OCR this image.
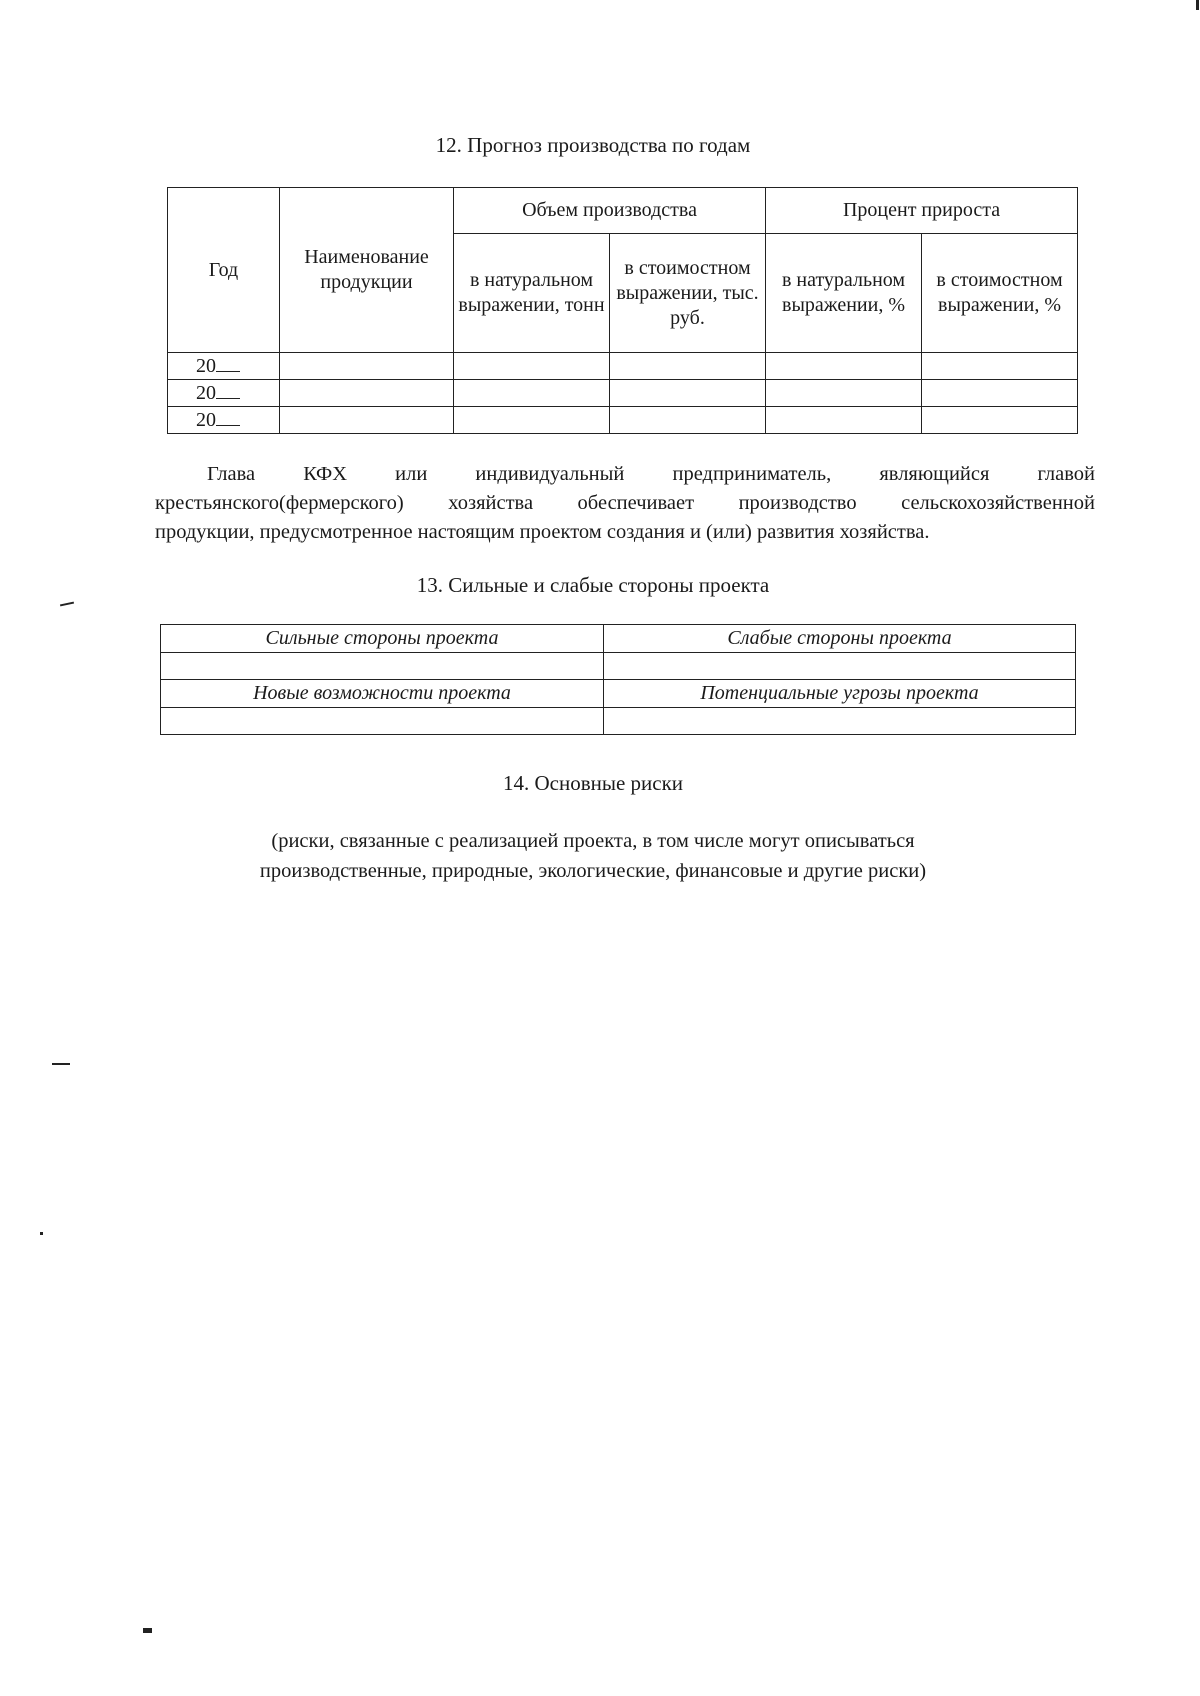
12. Прогноз производства по годам
Год	Наименование продукции	Объем производства		Процент прироста	
		в натуральном выражении, тонн	в стоимостном выражении, тыс. руб.	в натуральном выражении, %	в стоимостном выражении, %
20					
20					
20					
Глава КФХ или индивидуальный предприниматель, являющийся главой
крестьянского(фермерского) хозяйства обеспечивает производство сельскохозяйственной
продукции, предусмотренное настоящим проектом создания и (или) развития хозяйства.
13. Сильные и слабые стороны проекта
Сильные стороны проекта	Слабые стороны проекта

Новые возможности проекта	Потенциальные угрозы проекта

14. Основные риски
(риски, связанные с реализацией проекта, в том числе могут описываться
производственные, природные, экологические, финансовые и другие риски)
